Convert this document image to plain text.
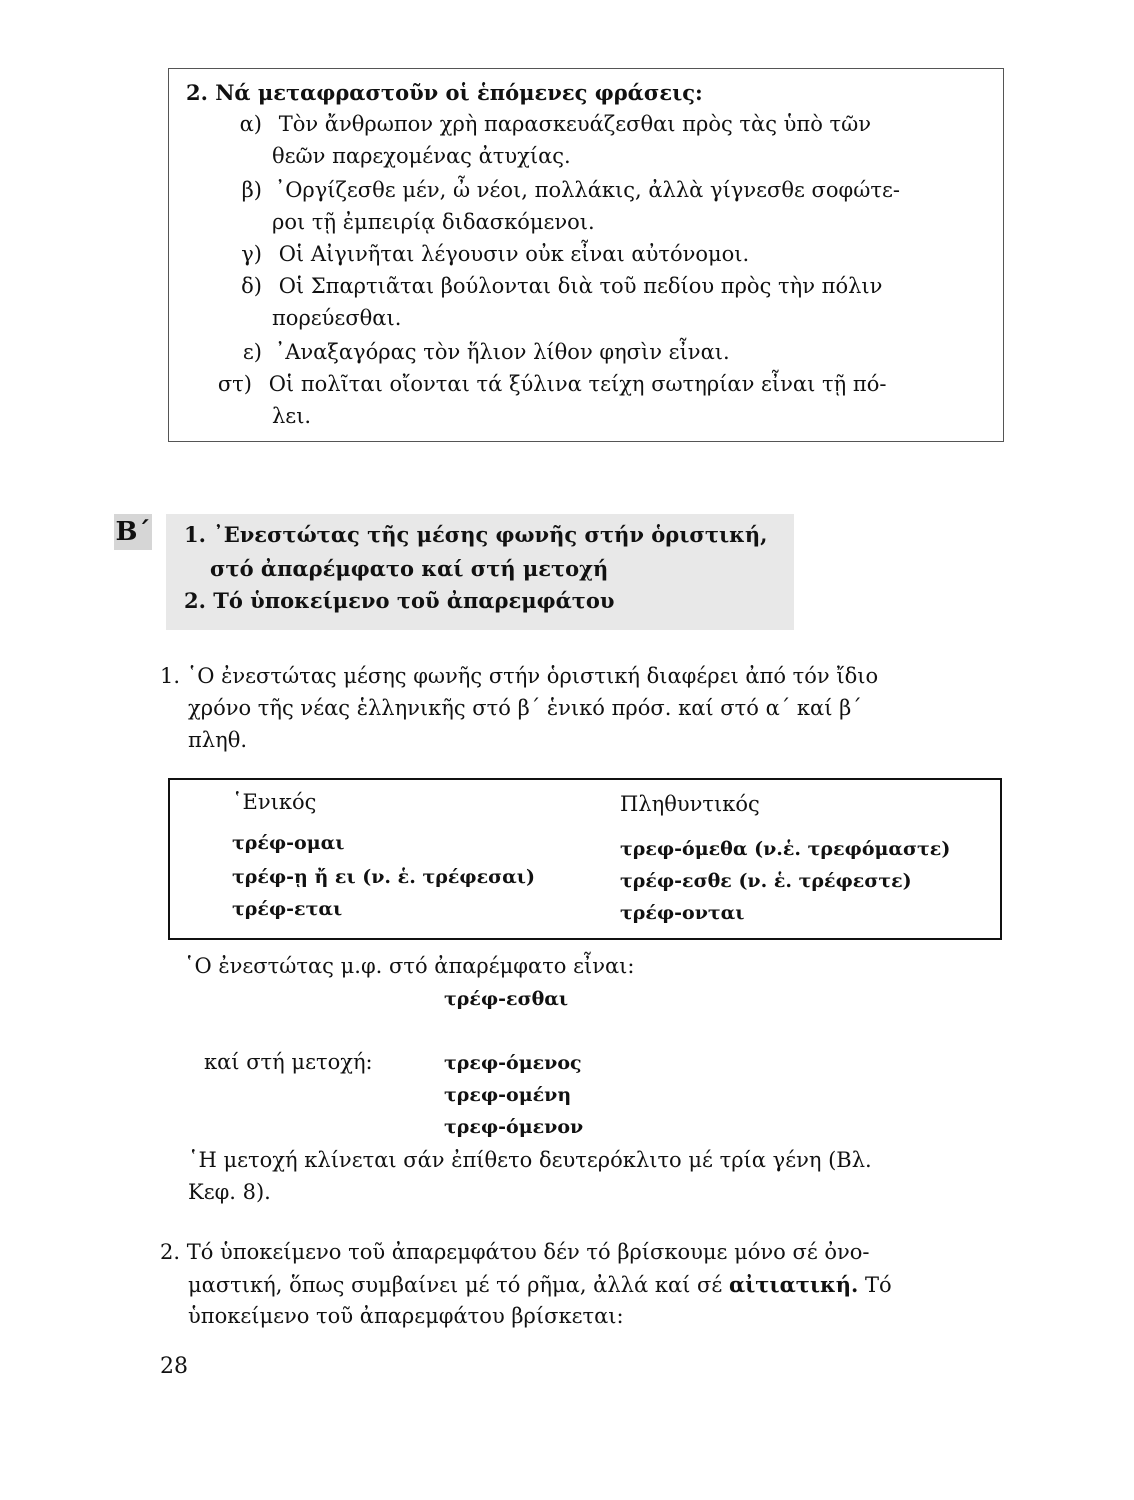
2. Νά μεταφραστοῦν οἱ ἑπόμενες φράσεις:
α) Τὸν ἄνθρωπον χρὴ παρασκευάζεσθαι πρὸς τὰς ὑπὸ τῶν
θεῶν παρεχομένας ἀτυχίας.
β) ᾿Οργίζεσθε μέν, ὦ νέοι, πολλάκις, ἀλλὰ γίγνεσθε σοφώτε-
ροι τῇ ἐμπειρίᾳ διδασκόμενοι.
γ) Οἱ Αἰγινῆται λέγουσιν οὐκ εἶναι αὐτόνομοι.
δ) Οἱ Σπαρτιᾶται βούλονται διὰ τοῦ πεδίου πρὸς τὴν πόλιν
πορεύεσθαι.
ε) ᾿Αναξαγόρας τὸν ἥλιον λίθον φησὶν εἶναι.
στ) Οἱ πολῖται οἴονται τά ξύλινα τείχη σωτηρίαν εἶναι τῇ πό-
λει.
Β΄ 1. ᾿Ενεστώτας τῆς μέσης φωνῆς στήν ὁριστική,
στό ἀπαρέμφατο καί στή μετοχή
2. Τό ὑποκείμενο τοῦ ἀπαρεμφάτου
1. ῾Ο ἐνεστώτας μέσης φωνῆς στήν ὁριστική διαφέρει ἀπό τόν ἴδιο
χρόνο τῆς νέας ἑλληνικῆς στό β΄ ἑνικό πρόσ. καί στό α΄ καί β΄
πληθ.
῾Ενικός	Πληθυντικός
τρέφ-ομαι
τρέφ-ῃ ἤ ει (ν. ἑ. τρέφεσαι)
τρέφ-εται
τρεφ-όμεθα (ν.ἑ. τρεφόμαστε)
τρέφ-εσθε (ν. ἑ. τρέφεστε)
τρέφ-ονται
῾Ο ἐνεστώτας μ.φ. στό ἀπαρέμφατο εἶναι:
τρέφ-εσθαι
καί στή μετοχή:	τρεφ-όμενος
τρεφ-ομένη
τρεφ-όμενον
῾Η μετοχή κλίνεται σάν ἐπίθετο δευτερόκλιτο μέ τρία γένη (Βλ.
Κεφ. 8).
2. Τό ὑποκείμενο τοῦ ἀπαρεμφάτου δέν τό βρίσκουμε μόνο σέ ὀνο-
μαστική, ὅπως συμβαίνει μέ τό ρῆμα, ἀλλά καί σέ αἰτιατική. Τό
ὑποκείμενο τοῦ ἀπαρεμφάτου βρίσκεται:
28
